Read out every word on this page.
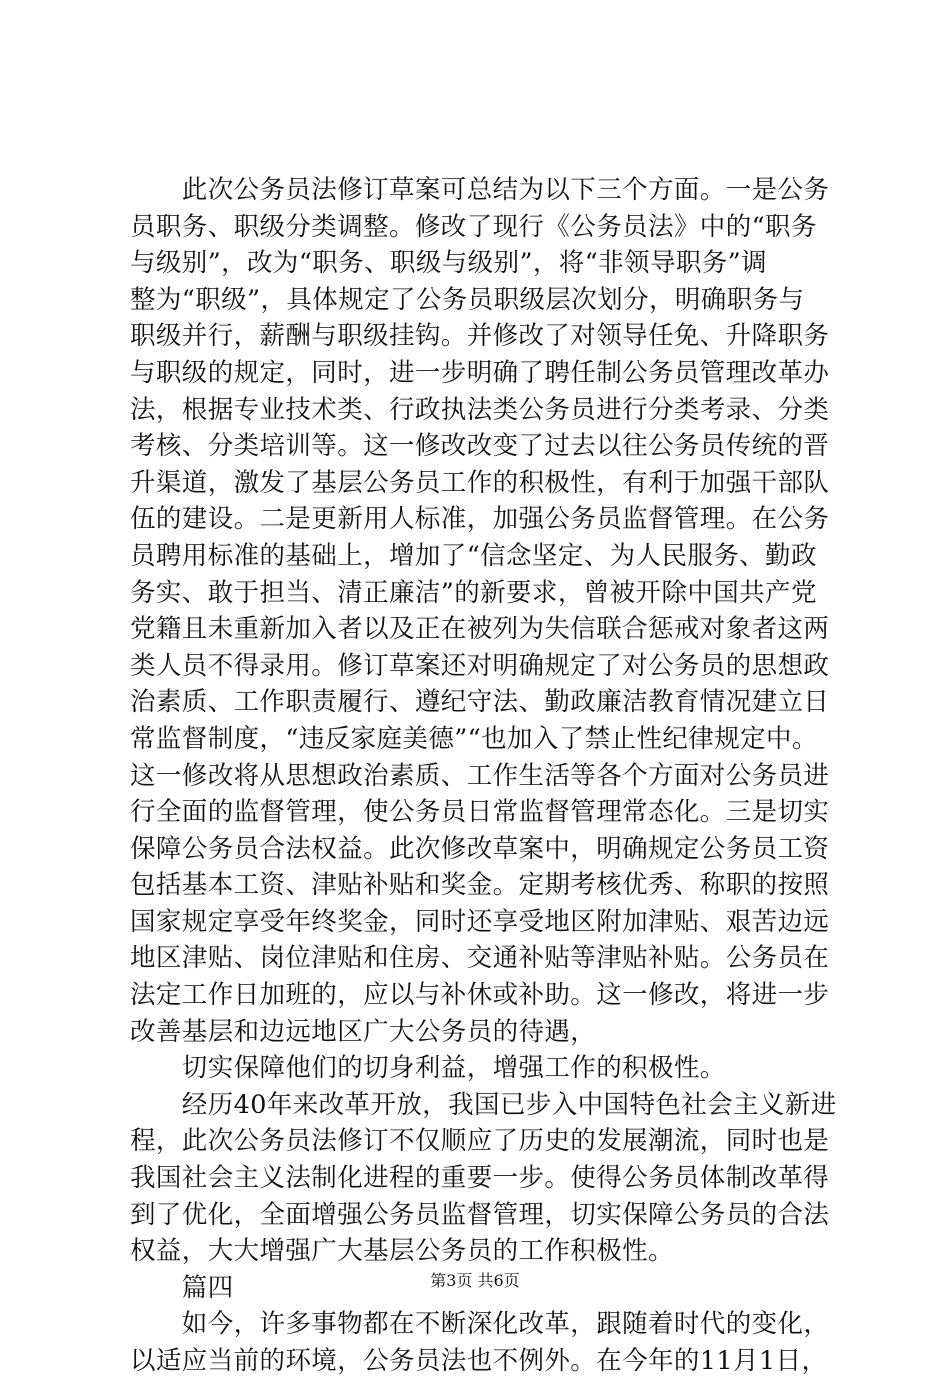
　　此次公务员法修订草案可总结为以下三个方面。一是公务
员职务、职级分类调整。修改了现行《公务员法》中的“职务
与级别”，改为“职务、职级与级别”，将“非领导职务”调
整为“职级”，具体规定了公务员职级层次划分，明确职务与
职级并行，薪酬与职级挂钩。并修改了对领导任免、升降职务
与职级的规定，同时，进一步明确了聘任制公务员管理改革办
法，根据专业技术类、行政执法类公务员进行分类考录、分类
考核、分类培训等。这一修改改变了过去以往公务员传统的晋
升渠道，激发了基层公务员工作的积极性，有利于加强干部队
伍的建设。二是更新用人标准，加强公务员监督管理。在公务
员聘用标准的基础上，增加了“信念坚定、为人民服务、勤政
务实、敢于担当、清正廉洁”的新要求，曾被开除中国共产党
党籍且未重新加入者以及正在被列为失信联合惩戒对象者这两
类人员不得录用。修订草案还对明确规定了对公务员的思想政
治素质、工作职责履行、遵纪守法、勤政廉洁教育情况建立日
常监督制度，“违反家庭美德”“也加入了禁止性纪律规定中。
这一修改将从思想政治素质、工作生活等各个方面对公务员进
行全面的监督管理，使公务员日常监督管理常态化。三是切实
保障公务员合法权益。此次修改草案中，明确规定公务员工资
包括基本工资、津贴补贴和奖金。定期考核优秀、称职的按照
国家规定享受年终奖金，同时还享受地区附加津贴、艰苦边远
地区津贴、岗位津贴和住房、交通补贴等津贴补贴。公务员在
法定工作日加班的，应以与补休或补助。这一修改，将进一步
改善基层和边远地区广大公务员的待遇，
　　切实保障他们的切身利益，增强工作的积极性。
　　经历40年来改革开放，我国已步入中国特色社会主义新进
程，此次公务员法修订不仅顺应了历史的发展潮流，同时也是
我国社会主义法制化进程的重要一步。使得公务员体制改革得
到了优化，全面增强公务员监督管理，切实保障公务员的合法
权益，大大增强广大基层公务员的工作积极性。
　　篇四
　　如今，许多事物都在不断深化改革，跟随着时代的变化，
以适应当前的环境，公务员法也不例外。在今年的11月1日，
第3页 共6页
